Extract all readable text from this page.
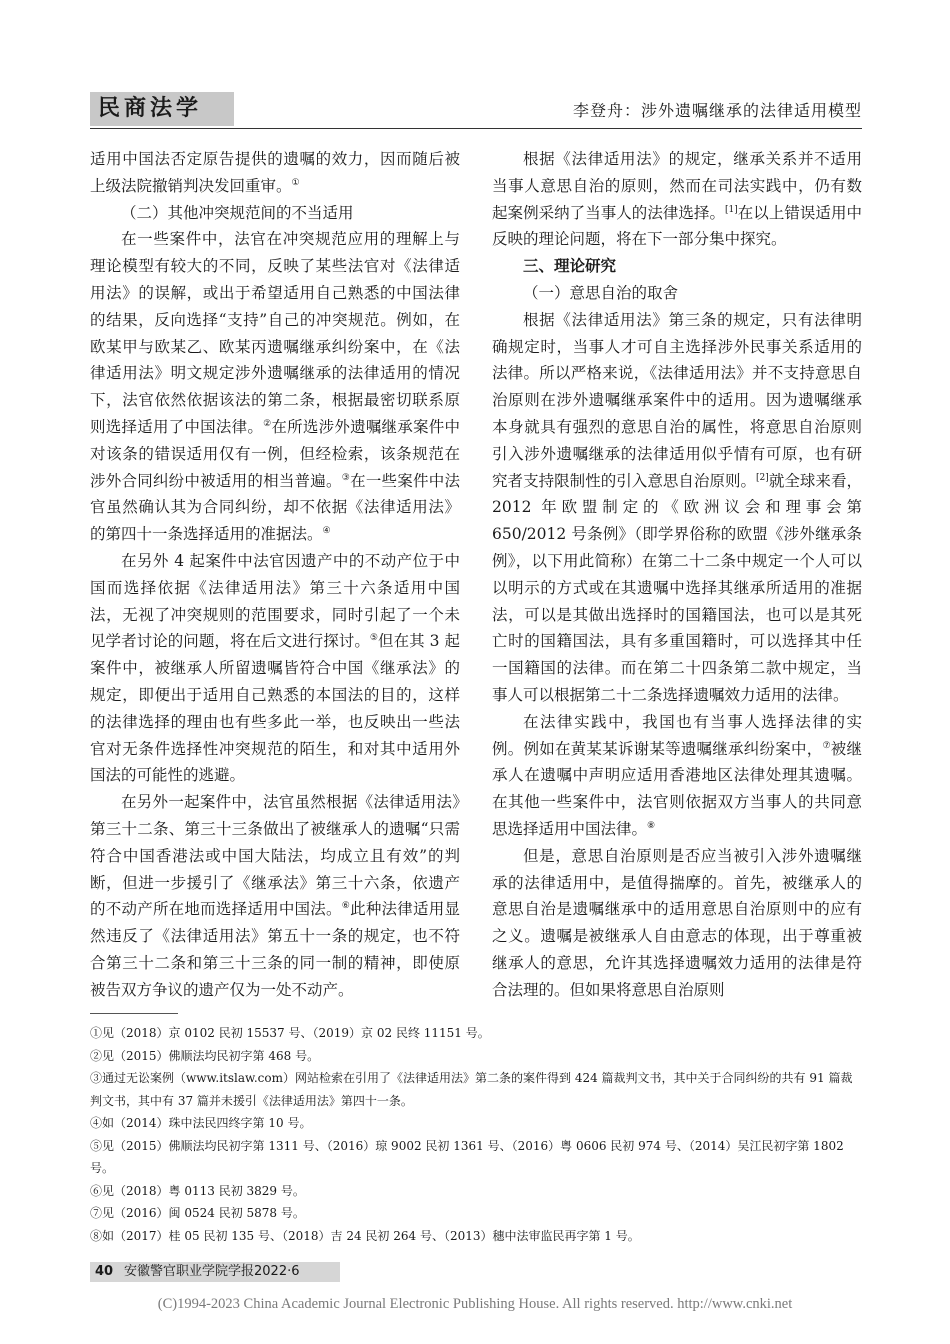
民商法学	李登舟：涉外遗嘱继承的法律适用模型

适用中国法否定原告提供的遗嘱的效力，因而随后被上级法院撤销判决发回重审。①

（二）其他冲突规范间的不当适用

在一些案件中，法官在冲突规范应用的理解上与理论模型有较大的不同，反映了某些法官对《法律适用法》的误解，或出于希望适用自己熟悉的中国法律的结果，反向选择“支持”自己的冲突规范。例如，在欧某甲与欧某乙、欧某丙遗嘱继承纠纷案中，在《法律适用法》明文规定涉外遗嘱继承的法律适用的情况下，法官依然依据该法的第二条，根据最密切联系原则选择适用了中国法律。②在所选涉外遗嘱继承案件中对该条的错误适用仅有一例，但经检索，该条规范在涉外合同纠纷中被适用的相当普遍。③在一些案件中法官虽然确认其为合同纠纷，却不依据《法律适用法》的第四十一条选择适用的准据法。④

在另外 4 起案件中法官因遗产中的不动产位于中国而选择依据《法律适用法》第三十六条适用中国法，无视了冲突规则的范围要求，同时引起了一个未见学者讨论的问题，将在后文进行探讨。⑤但在其 3 起案件中，被继承人所留遗嘱皆符合中国《继承法》的规定，即便出于适用自己熟悉的本国法的目的，这样的法律选择的理由也有些多此一举，也反映出一些法官对无条件选择性冲突规范的陌生，和对其中适用外国法的可能性的逃避。

在另外一起案件中，法官虽然根据《法律适用法》第三十二条、第三十三条做出了被继承人的遗嘱“只需符合中国香港法或中国大陆法，均成立且有效”的判断，但进一步援引了《继承法》第三十六条，依遗产的不动产所在地而选择适用中国法。⑥此种法律适用显然违反了《法律适用法》第五十一条的规定，也不符合第三十二条和第三十三条的同一制的精神，即使原被告双方争议的遗产仅为一处不动产。

根据《法律适用法》的规定，继承关系并不适用当事人意思自治的原则，然而在司法实践中，仍有数起案例采纳了当事人的法律选择。[1]在以上错误适用中反映的理论问题，将在下一部分集中探究。

三、理论研究

（一）意思自治的取舍

根据《法律适用法》第三条的规定，只有法律明确规定时，当事人才可自主选择涉外民事关系适用的法律。所以严格来说，《法律适用法》并不支持意思自治原则在涉外遗嘱继承案件中的适用。因为遗嘱继承本身就具有强烈的意思自治的属性，将意思自治原则引入涉外遗嘱继承的法律适用似乎情有可原，也有研究者支持限制性的引入意思自治原则。[2]就全球来看，2012 年欧盟制定的《欧洲议会和理事会第 650/2012 号条例》（即学界俗称的欧盟《涉外继承条例》，以下用此简称）在第二十二条中规定一个人可以以明示的方式或在其遗嘱中选择其继承所适用的准据法，可以是其做出选择时的国籍国法，也可以是其死亡时的国籍国法，具有多重国籍时，可以选择其中任一国籍国的法律。而在第二十四条第二款中规定，当事人可以根据第二十二条选择遗嘱效力适用的法律。

在法律实践中，我国也有当事人选择法律的实例。例如在黄某某诉谢某等遗嘱继承纠纷案中，⑦被继承人在遗嘱中声明应适用香港地区法律处理其遗嘱。在其他一些案件中，法官则依据双方当事人的共同意思选择适用中国法律。⑧

但是，意思自治原则是否应当被引入涉外遗嘱继承的法律适用中，是值得揣摩的。首先，被继承人的意思自治是遗嘱继承中的适用意思自治原则中的应有之义。遗嘱是被继承人自由意志的体现，出于尊重被继承人的意思，允许其选择遗嘱效力适用的法律是符合法理的。但如果将意思自治原则

①见（2018）京 0102 民初 15537 号、（2019）京 02 民终 11151 号。
②见（2015）佛顺法均民初字第 468 号。
③通过无讼案例（www.itslaw.com）网站检索在引用了《法律适用法》第二条的案件得到 424 篇裁判文书，其中关于合同纠纷的共有 91 篇裁判文书，其中有 37 篇并未援引《法律适用法》第四十一条。
④如（2014）珠中法民四终字第 10 号。
⑤见（2015）佛顺法均民初字第 1311 号、（2016）琼 9002 民初 1361 号、（2016）粤 0606 民初 974 号、（2014）吴江民初字第 1802 号。
⑥见（2018）粤 0113 民初 3829 号。
⑦见（2016）闽 0524 民初 5878 号。
⑧如（2017）桂 05 民初 135 号、（2018）吉 24 民初 264 号、（2013）穗中法审监民再字第 1 号。
40 安徽警官职业学院学报2022·6
(C)1994-2023 China Academic Journal Electronic Publishing House. All rights reserved. http://www.cnki.net
